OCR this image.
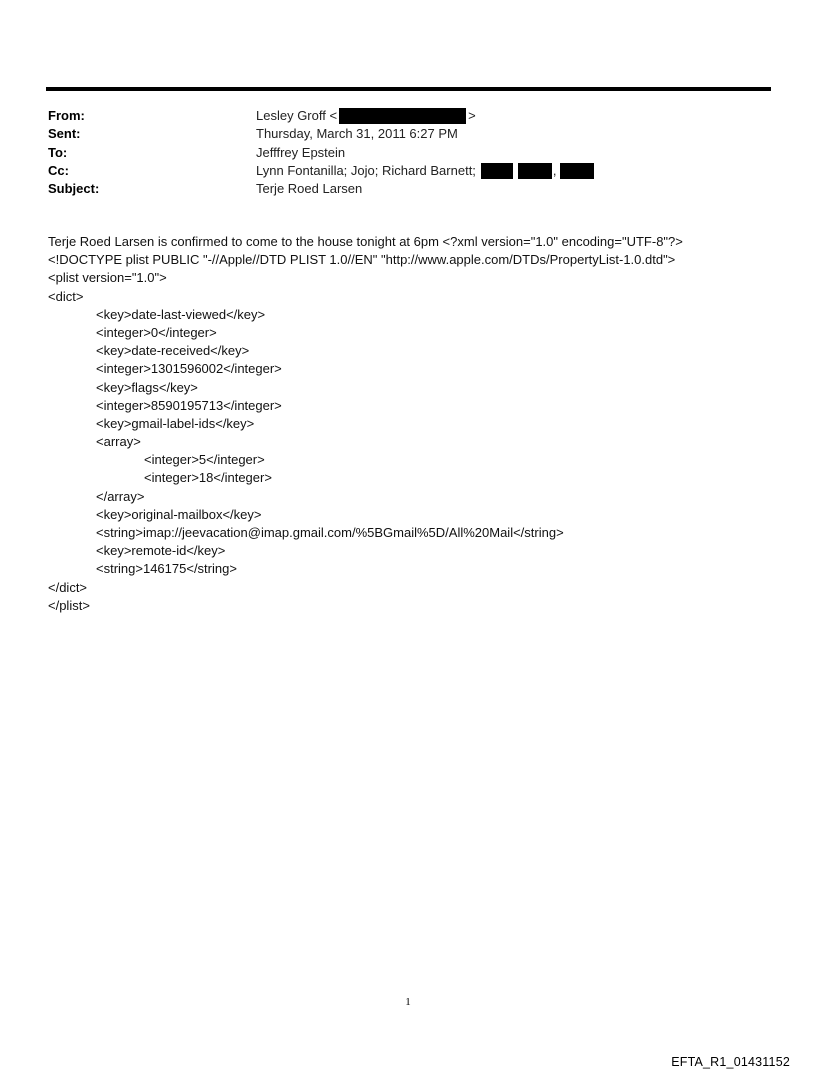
From:	Lesley Groff <	>
Sent:	Thursday, March 31, 2011 6:27 PM
To:	Jefffrey Epstein
Cc:	Lynn Fontanilla; Jojo; Richard Barnett;	,
Subject:	Terje Roed Larsen
Terje Roed Larsen is confirmed to come to the house tonight at 6pm <?xml version="1.0" encoding="UTF-8"?>
<!DOCTYPE plist PUBLIC "-//Apple//DTD PLIST 1.0//EN" "http://www.apple.com/DTDs/PropertyList-1.0.dtd">
<plist version="1.0">
<dict>
<key>date-last-viewed</key>
<integer>0</integer>
<key>date-received</key>
<integer>1301596002</integer>
<key>flags</key>
<integer>8590195713</integer>
<key>gmail-label-ids</key>
<array>
<integer>5</integer>
<integer>18</integer>
</array>
<key>original-mailbox</key>
<string>imap://jeevacation@imap.gmail.com/%5BGmail%5D/All%20Mail</string>
<key>remote-id</key>
<string>146175</string>
</dict>
</plist>
1
EFTA_R1_01431152
